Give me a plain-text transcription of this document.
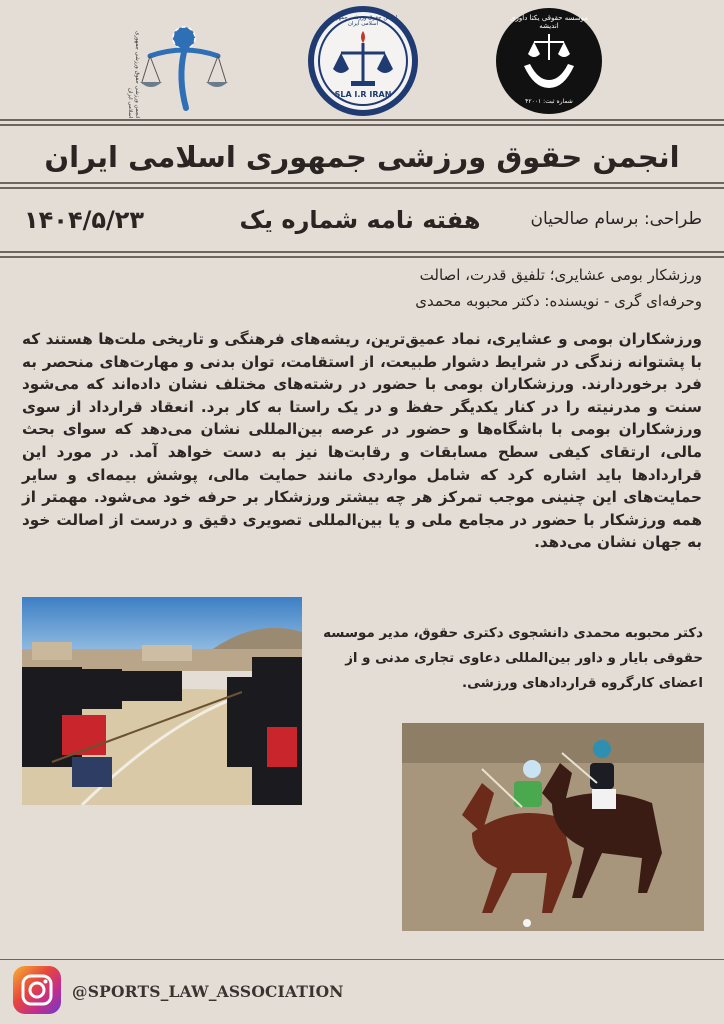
انجمن ورزشی حقوق ورزشی جمهوری اسلامی ایران	SLA I.R IRAN
انجمن حقوق ورزشی جمهوری اسلامی ایران
موسسه حقوقی یکتا داوری اندیشه
شماره ثبت: ۴۲۰۰۱
انجمن حقوق ورزشی جمهوری اسلامی ایران
۱۴۰۴/۵/۲۳	هفته نامه شماره یک	طراحی: برسام صالحیان
ورزشکار بومی عشایری؛ تلفیق قدرت، اصالت
وحرفه‌ای گری - نویسنده: دکتر محبوبه محمدی
ورزشکاران بومی و عشایری، نماد عمیق‌ترین، ریشه‌های فرهنگی و تاریخی ملت‌ها هستند که با پشتوانه زندگی در شرایط دشوار طبیعت، از استقامت، توان بدنی و مهارت‌های منحصر به فرد برخوردارند. ورزشکاران بومی با حضور در رشته‌های مختلف نشان داده‌اند که می‌شود سنت و مدرنیته را در کنار یکدیگر حفظ و در یک راستا به کار برد. انعقاد قرارداد از سوی ورزشکاران بومی با باشگاه‌ها و حضور در عرصه بین‌المللی نشان می‌دهد که سوای بحث مالی، ارتقای کیفی سطح مسابقات و رقابت‌ها نیز به دست خواهد آمد. در مورد این قراردادها باید اشاره کرد که شامل مواردی مانند حمایت مالی، پوشش بیمه‌ای و سایر حمایت‌های این چنینی موجب تمرکز هر چه بیشتر ورزشکار بر حرفه خود می‌شود. مهمتر از همه ورزشکار با حضور در مجامع ملی و یا بین‌المللی تصویری دقیق و درست از اصالت خود به جهان نشان می‌دهد.
دکتر محبوبه محمدی دانشجوی دکتری حقوق، مدیر موسسه حقوقی بایار و داور بین‌المللی دعاوی تجاری مدنی و از اعضای کارگروه قراردادهای ورزشی.
@SPORTS_LAW_ASSOCIATION
